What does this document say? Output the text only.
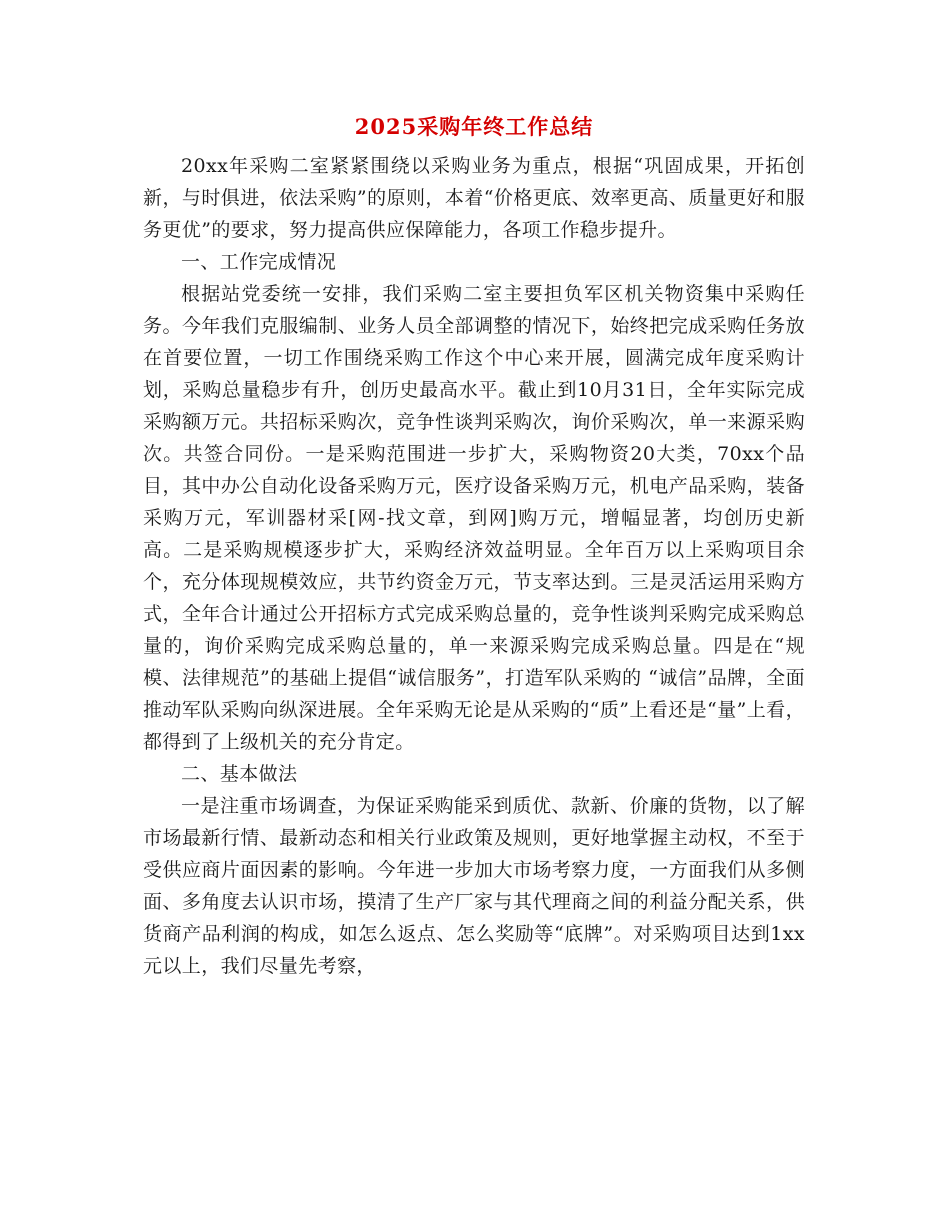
2025采购年终工作总结

20xx年采购二室紧紧围绕以采购业务为重点，根据“巩固成果，开拓创新，与时俱进，依法采购”的原则，本着“价格更底、效率更高、质量更好和服务更优”的要求，努力提高供应保障能力，各项工作稳步提升。

一、工作完成情况

根据站党委统一安排，我们采购二室主要担负军区机关物资集中采购任务。今年我们克服编制、业务人员全部调整的情况下，始终把完成采购任务放在首要位置，一切工作围绕采购工作这个中心来开展，圆满完成年度采购计划，采购总量稳步有升，创历史最高水平。截止到10月31日，全年实际完成采购额万元。共招标采购次，竞争性谈判采购次，询价采购次，单一来源采购次。共签合同份。一是采购范围进一步扩大，采购物资20大类，70xx个品目，其中办公自动化设备采购万元，医疗设备采购万元，机电产品采购，装备采购万元，军训器材采[网-找文章，到网]购万元，增幅显著，均创历史新高。二是采购规模逐步扩大，采购经济效益明显。全年百万以上采购项目余个，充分体现规模效应，共节约资金万元，节支率达到。三是灵活运用采购方式，全年合计通过公开招标方式完成采购总量的，竞争性谈判采购完成采购总量的，询价采购完成采购总量的，单一来源采购完成采购总量。四是在“规模、法律规范”的基础上提倡“诚信服务”，打造军队采购的 “诚信”品牌，全面推动军队采购向纵深进展。全年采购无论是从采购的“质”上看还是“量”上看，都得到了上级机关的充分肯定。

二、基本做法

一是注重市场调查，为保证采购能采到质优、款新、价廉的货物，以了解市场最新行情、最新动态和相关行业政策及规则，更好地掌握主动权，不至于受供应商片面因素的影响。今年进一步加大市场考察力度，一方面我们从多侧面、多角度去认识市场，摸清了生产厂家与其代理商之间的利益分配关系，供货商产品利润的构成，如怎么返点、怎么奖励等“底牌”。对采购项目达到1xx元以上，我们尽量先考察，
